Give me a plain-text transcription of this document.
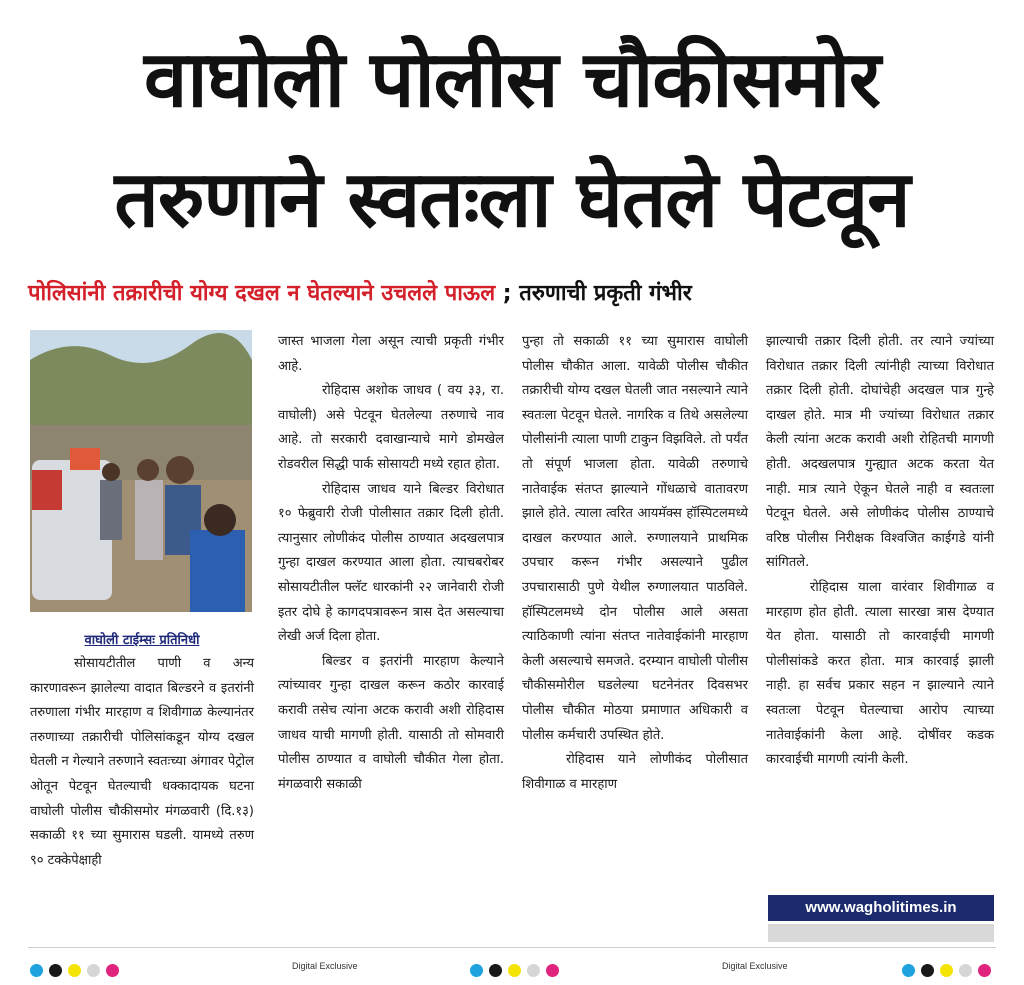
वाघोली पोलीस चौकीसमोर
तरुणाने स्वतःला घेतले पेटवून
पोलिसांनी तक्रारीची योग्य दखल न घेतल्याने उचलले पाऊल ; तरुणाची प्रकृती गंभीर
वाघोली टाईम्सः प्रतिनिधी

सोसायटीतील पाणी व अन्य कारणावरून झालेल्या वादात बिल्डरने व इतरांनी तरुणाला गंभीर मारहाण व शिवीगाळ केल्यानंतर तरुणाच्या तक्रारीची पोलिसांकडून योग्य दखल घेतली न गेल्याने तरुणाने स्वतःच्या अंगावर पेट्रोल ओतून पेटवून घेतल्याची धक्कादायक घटना वाघोली पोलीस चौकीसमोर मंगळवारी (दि.१३) सकाळी ११ च्या सुमारास घडली. यामध्ये तरुण ९० टक्केपेक्षाही

जास्त भाजला गेला असून त्याची प्रकृती गंभीर आहे.

रोहिदास अशोक जाधव ( वय ३३, रा. वाघोली) असे पेटवून घेतलेल्या तरुणाचे नाव आहे. तो सरकारी दवाखान्याचे मागे डोमखेल रोडवरील सिद्धी पार्क सोसायटी मध्ये रहात होता.

रोहिदास जाधव याने बिल्डर विरोधात १० फेब्रुवारी रोजी पोलीसात तक्रार दिली होती. त्यानुसार लोणीकंद पोलीस ठाण्यात अदखलपात्र गुन्हा दाखल करण्यात आला होता. त्याचबरोबर सोसायटीतील फ्लॅट धारकांनी २२ जानेवारी रोजी इतर दोघे हे कागदपत्रावरून त्रास देत असल्याचा लेखी अर्ज दिला होता.

बिल्डर व इतरांनी मारहाण केल्याने त्यांच्यावर गुन्हा दाखल करून कठोर कारवाई करावी तसेच त्यांना अटक करावी अशी रोहिदास जाधव याची मागणी होती. यासाठी तो सोमवारी पोलीस ठाण्यात व वाघोली चौकीत गेला होता. मंगळवारी सकाळी

पुन्हा तो सकाळी ११ च्या सुमारास वाघोली पोलीस चौकीत आला. यावेळी पोलीस चौकीत तक्रारीची योग्य दखल घेतली जात नसल्याने त्याने स्वतःला पेटवून घेतले. नागरिक व तिथे असलेल्या पोलीसांनी त्याला पाणी टाकुन विझविले. तो पर्यंत तो संपूर्ण भाजला होता. यावेळी तरुणाचे नातेवाईक संतप्त झाल्याने गोंधळाचे वातावरण झाले होते. त्याला त्वरित आयमॅक्स हॉस्पिटलमध्ये दाखल करण्यात आले. रुग्णालयाने प्राथमिक उपचार करून गंभीर असल्याने पुढील उपचारासाठी पुणे येथील रुग्णालयात पाठविले. हॉस्पिटलमध्ये दोन पोलीस आले असता त्याठिकाणी त्यांना संतप्त नातेवाईकांनी मारहाण केली असल्याचे समजते. दरम्यान वाघोली पोलीस चौकीसमोरील घडलेल्या घटनेनंतर दिवसभर पोलीस चौकीत मोठया प्रमाणात अधिकारी व पोलीस कर्मचारी उपस्थित होते.

रोहिदास याने लोणीकंद पोलीसात शिवीगाळ व मारहाण

झाल्याची तक्रार दिली होती. तर त्याने ज्यांच्या विरोधात तक्रार दिली त्यांनीही त्याच्या विरोधात तक्रार दिली होती. दोघांचेही अदखल पात्र गुन्हे दाखल होते. मात्र मी ज्यांच्या विरोधात तक्रार केली त्यांना अटक करावी अशी रोहितची मागणी होती. अदखलपात्र गुन्ह्यात अटक करता येत नाही. मात्र त्याने ऐकून घेतले नाही व स्वतःला पेटवून घेतले. असे लोणीकंद पोलीस ठाण्याचे वरिष्ठ पोलीस निरीक्षक विश्वजित काईगडे यांनी सांगितले.

रोहिदास याला वारंवार शिवीगाळ व मारहाण होत होती. त्याला सारखा त्रास देण्यात येत होता. यासाठी तो कारवाईची मागणी पोलीसांकडे करत होता. मात्र कारवाई झाली नाही. हा सर्वच प्रकार सहन न झाल्याने त्याने स्वतःला पेटवून घेतल्याचा आरोप त्याच्या नातेवाईकांनी केला आहे. दोषींवर कडक कारवाईची मागणी त्यांनी केली.

www.wagholitimes.in
Digital Exclusive	Digital Exclusive
